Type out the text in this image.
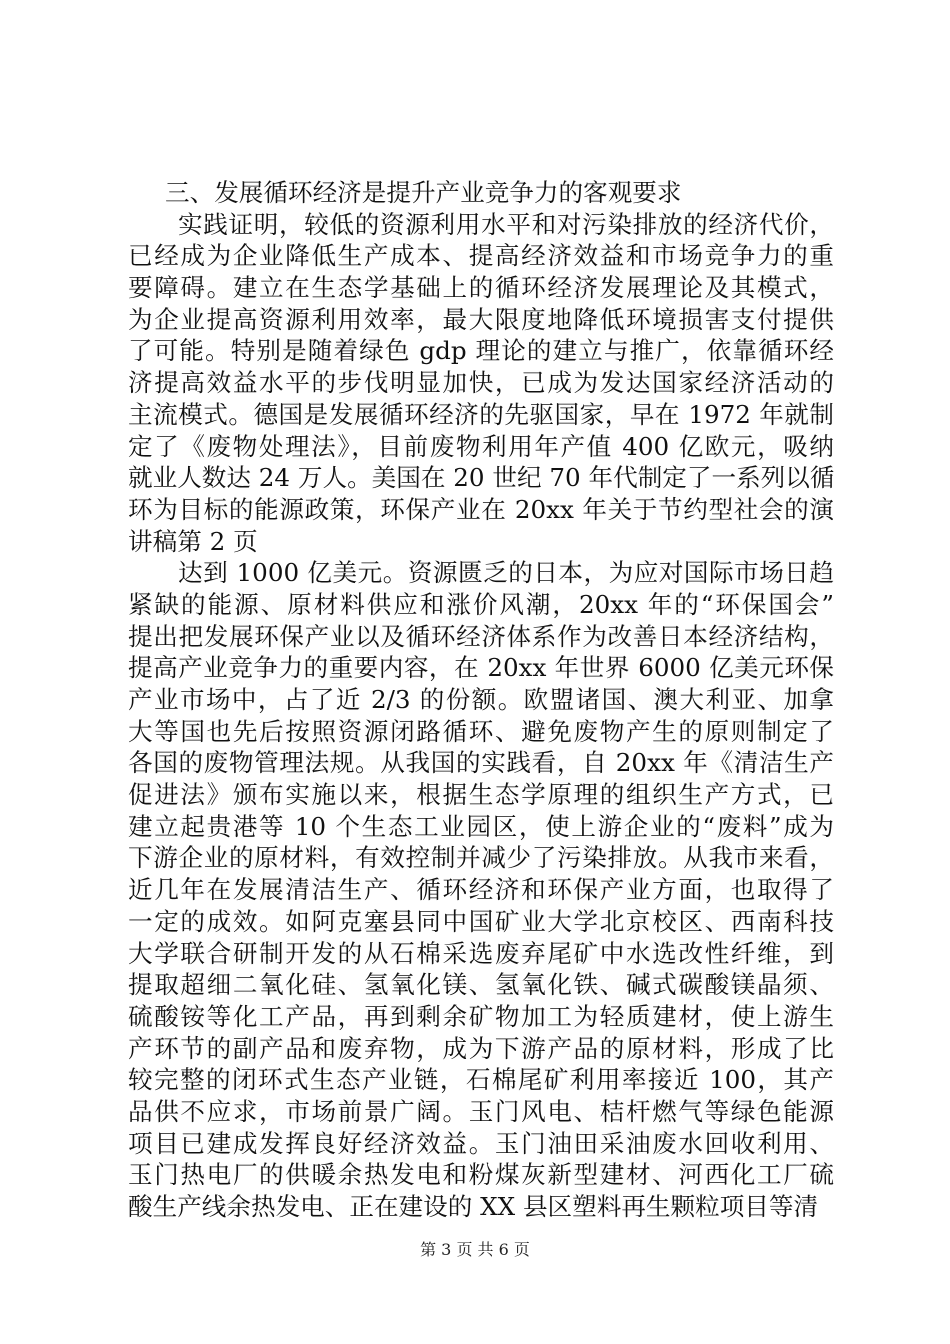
三、发展循环经济是提升产业竞争力的客观要求
实践证明，较低的资源利用水平和对污染排放的经济代价，
已经成为企业降低生产成本、提高经济效益和市场竞争力的重
要障碍。建立在生态学基础上的循环经济发展理论及其模式，
为企业提高资源利用效率，最大限度地降低环境损害支付提供
了可能。特别是随着绿色 gdp 理论的建立与推广，依靠循环经
济提高效益水平的步伐明显加快，已成为发达国家经济活动的
主流模式。德国是发展循环经济的先驱国家，早在 1972 年就制
定了《废物处理法》，目前废物利用年产值 400 亿欧元，吸纳
就业人数达 24 万人。美国在 20 世纪 70 年代制定了一系列以循
环为目标的能源政策，环保产业在 20xx 年关于节约型社会的演
讲稿第 2 页
达到 1000 亿美元。资源匮乏的日本，为应对国际市场日趋
紧缺的能源、原材料供应和涨价风潮，20xx 年的“环保国会”
提出把发展环保产业以及循环经济体系作为改善日本经济结构，
提高产业竞争力的重要内容，在 20xx 年世界 6000 亿美元环保
产业市场中，占了近 2/3 的份额。欧盟诸国、澳大利亚、加拿
大等国也先后按照资源闭路循环、避免废物产生的原则制定了
各国的废物管理法规。从我国的实践看，自 20xx 年《清洁生产
促进法》颁布实施以来，根据生态学原理的组织生产方式，已
建立起贵港等 10 个生态工业园区，使上游企业的“废料”成为
下游企业的原材料，有效控制并减少了污染排放。从我市来看，
近几年在发展清洁生产、循环经济和环保产业方面，也取得了
一定的成效。如阿克塞县同中国矿业大学北京校区、西南科技
大学联合研制开发的从石棉采选废弃尾矿中水选改性纤维，到
提取超细二氧化硅、氢氧化镁、氢氧化铁、碱式碳酸镁晶须、
硫酸铵等化工产品，再到剩余矿物加工为轻质建材，使上游生
产环节的副产品和废弃物，成为下游产品的原材料，形成了比
较完整的闭环式生态产业链，石棉尾矿利用率接近 100，其产
品供不应求，市场前景广阔。玉门风电、桔杆燃气等绿色能源
项目已建成发挥良好经济效益。玉门油田采油废水回收利用、
玉门热电厂的供暖余热发电和粉煤灰新型建材、河西化工厂硫
酸生产线余热发电、正在建设的 XX 县区塑料再生颗粒项目等清
第 3 页 共 6 页
